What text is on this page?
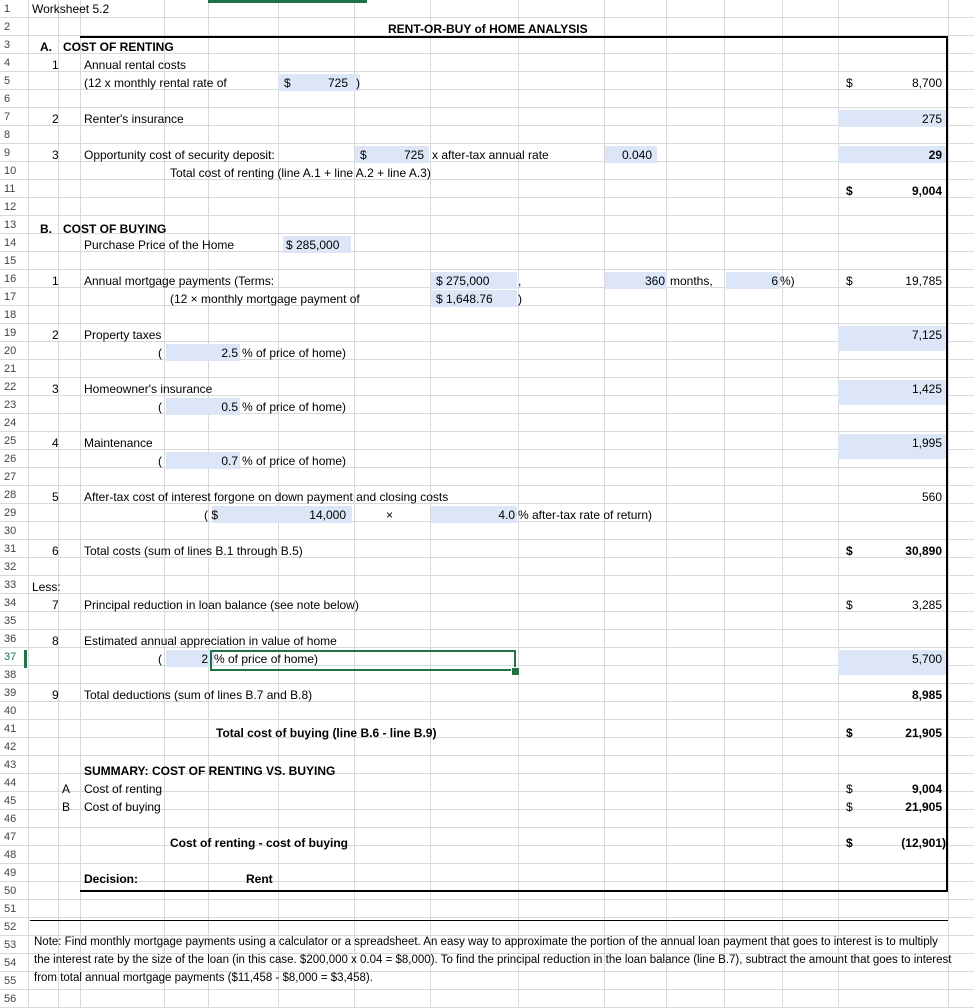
1
2
3
4
5
6
7
8
9
10
11
12
13
14
15
16
17
18
19
20
21
22
23
24
25
26
27
28
29
30
31
32
33
34
35
36
37
38
39
40
41
42
43
44
45
46
47
48
49
50
51
52
53
54
55
56
Worksheet 5.2
RENT-OR-BUY of HOME ANALYSIS
A. COST OF RENTING
1 Annual rental costs
(12 x monthly rental rate of	$	725 )	$	8,700
2 Renter's insurance	275
3 Opportunity cost of security deposit:	$	725 x after-tax annual rate	0.040	29
Total cost of renting (line A.1 + line A.2 + line A.3)
$	9,004
B. COST OF BUYING
Purchase Price of the Home	$ 285,000
1 Annual mortgage payments (Terms:	$ 275,000 ,	360 months,	6 %)	$	19,785
(12 × monthly mortgage payment of	$ 1,648.76 )
2 Property taxes	7,125
(	2.5 % of price of home)
3 Homeowner's insurance	1,425
(	0.5 % of price of home)
4 Maintenance	1,995
(	0.7 % of price of home)
5 After-tax cost of interest forgone on down payment and closing costs	560
( $	14,000	×	4.0 % after-tax rate of return)
6 Total costs (sum of lines B.1 through B.5)	$	30,890
Less:
7 Principal reduction in loan balance (see note below)	$	3,285
8 Estimated annual appreciation in value of home
(	2 % of price of home)	5,700
9 Total deductions (sum of lines B.7 and B.8)	8,985
Total cost of buying (line B.6 - line B.9)	$	21,905
SUMMARY: COST OF RENTING VS. BUYING
A Cost of renting	$	9,004
B Cost of buying	$	21,905
Cost of renting - cost of buying	$	(12,901)
Decision:	Rent
Note: Find monthly mortgage payments using a calculator or a spreadsheet. An easy way to approximate the portion of the annual loan payment that goes to interest is to multiply the interest rate by the size of the loan (in this case. $200,000 x 0.04 = $8,000). To find the principal reduction in the loan balance (line B.7), subtract the amount that goes to interest from total annual mortgage payments ($11,458 - $8,000 = $3,458).
